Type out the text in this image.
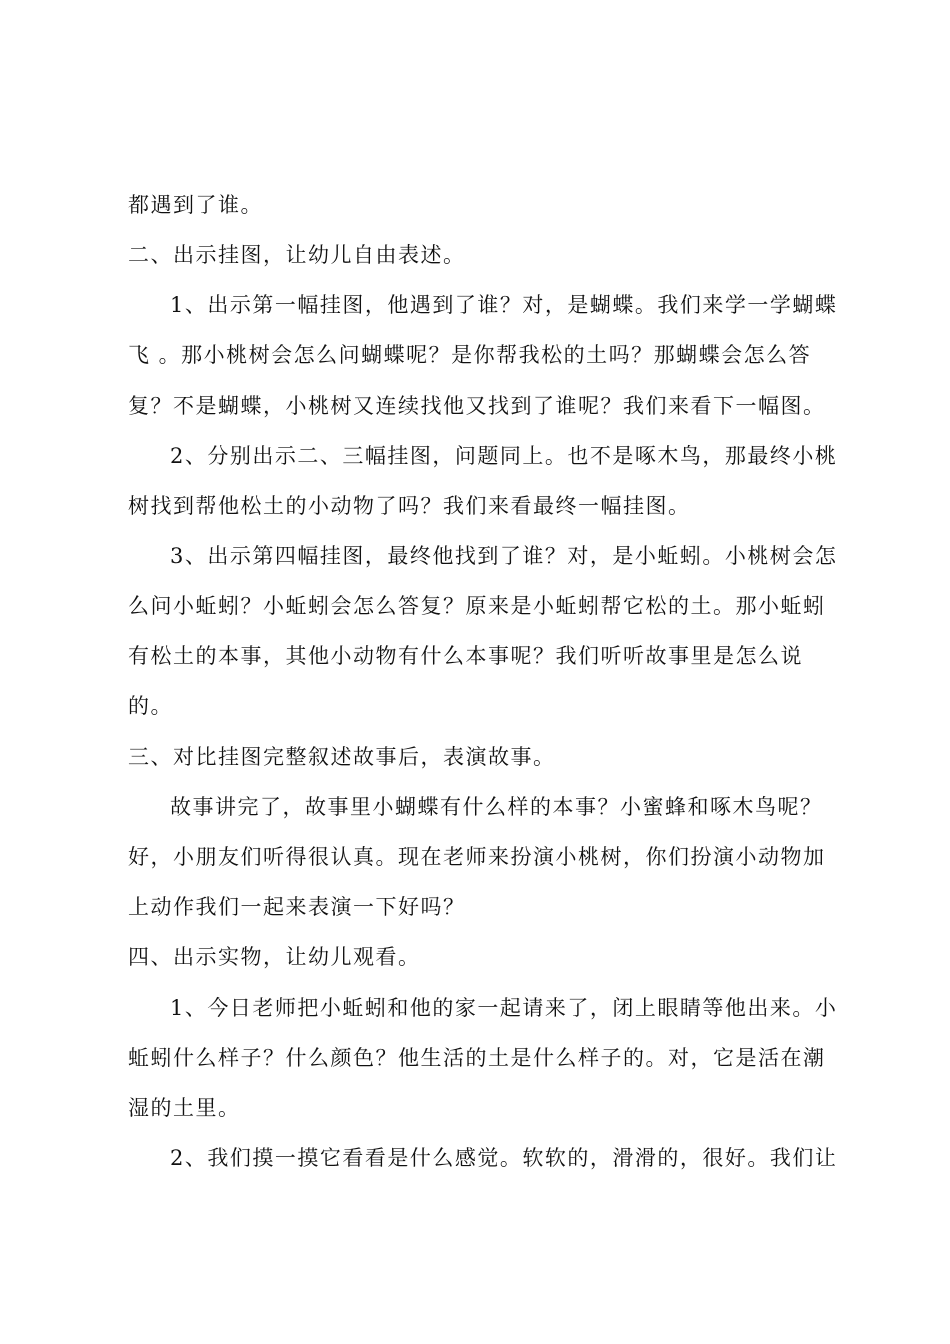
都遇到了谁。
二、出示挂图，让幼儿自由表述。
1、出示第一幅挂图，他遇到了谁？对，是蝴蝶。我们来学一学蝴蝶
飞 。那小桃树会怎么问蝴蝶呢？是你帮我松的土吗？那蝴蝶会怎么答
复？不是蝴蝶，小桃树又连续找他又找到了谁呢？我们来看下一幅图。
2、分别出示二、三幅挂图，问题同上。也不是啄木鸟，那最终小桃
树找到帮他松土的小动物了吗？我们来看最终一幅挂图。
3、出示第四幅挂图，最终他找到了谁？对，是小蚯蚓。小桃树会怎
么问小蚯蚓？小蚯蚓会怎么答复？原来是小蚯蚓帮它松的土。那小蚯蚓
有松土的本事，其他小动物有什么本事呢？我们听听故事里是怎么说
的。
三、对比挂图完整叙述故事后，表演故事。
故事讲完了，故事里小蝴蝶有什么样的本事？小蜜蜂和啄木鸟呢？
好，小朋友们听得很认真。现在老师来扮演小桃树，你们扮演小动物加
上动作我们一起来表演一下好吗？
四、出示实物，让幼儿观看。
1、今日老师把小蚯蚓和他的家一起请来了，闭上眼睛等他出来。小
蚯蚓什么样子？什么颜色？他生活的土是什么样子的。对，它是活在潮
湿的土里。
2、我们摸一摸它看看是什么感觉。软软的，滑滑的，很好。我们让
